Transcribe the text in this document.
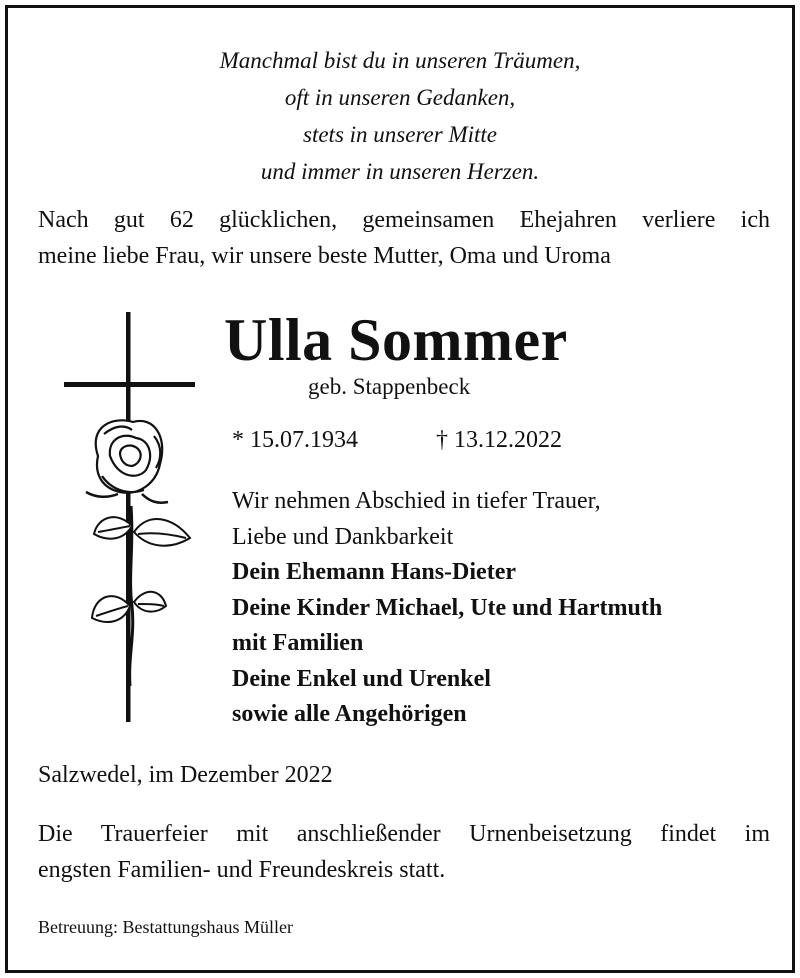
Manchmal bist du in unseren Träumen,
oft in unseren Gedanken,
stets in unserer Mitte
und immer in unseren Herzen.
Nach gut 62 glücklichen, gemeinsamen Ehejahren verliere ich
meine liebe Frau, wir unsere beste Mutter, Oma und Uroma
Ulla Sommer
geb. Stappenbeck
* 15.07.1934	† 13.12.2022
Wir nehmen Abschied in tiefer Trauer,
Liebe und Dankbarkeit
Dein Ehemann Hans-Dieter
Deine Kinder Michael, Ute und Hartmuth
mit Familien
Deine Enkel und Urenkel
sowie alle Angehörigen
Salzwedel, im Dezember 2022
Die Trauerfeier mit anschließender Urnenbeisetzung findet im
engsten Familien- und Freundeskreis statt.
Betreuung: Bestattungshaus Müller
